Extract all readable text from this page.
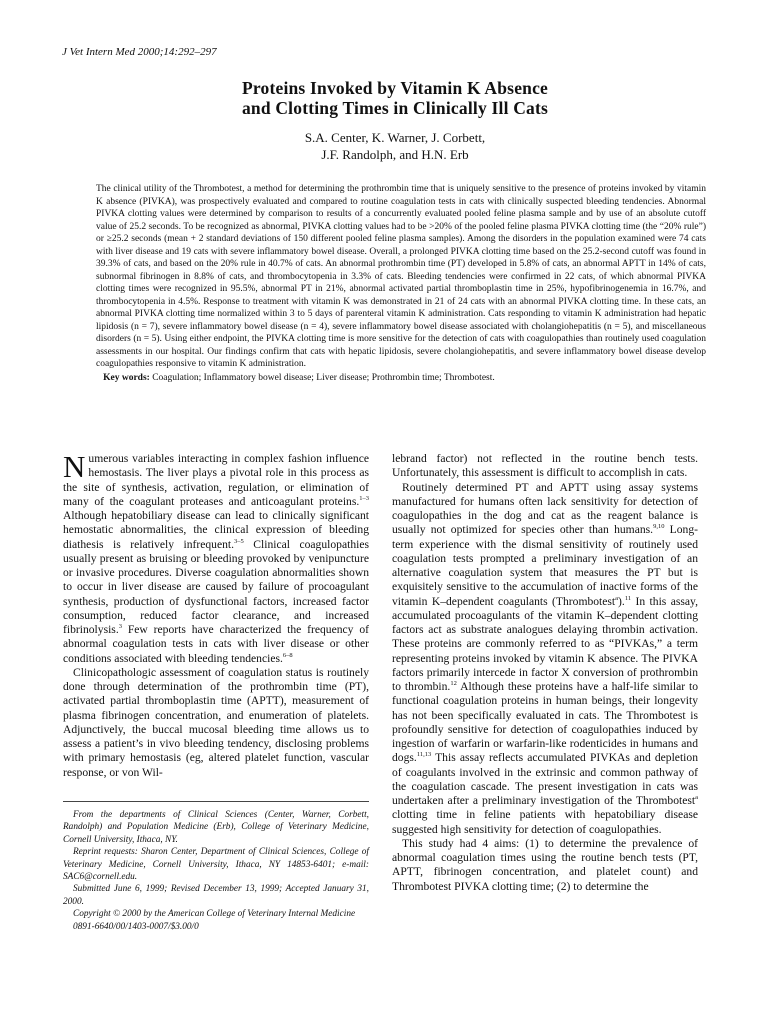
J Vet Intern Med 2000;14:292–297
Proteins Invoked by Vitamin K Absence
and Clotting Times in Clinically Ill Cats
S.A. Center, K. Warner, J. Corbett,
J.F. Randolph, and H.N. Erb

The clinical utility of the Thrombotest, a method for determining the prothrombin time that is uniquely sensitive to the presence of proteins invoked by vitamin K absence (PIVKA), was prospectively evaluated and compared to routine coagulation tests in cats with clinically suspected bleeding tendencies. Abnormal PIVKA clotting values were determined by comparison to results of a concurrently evaluated pooled feline plasma sample and by use of an absolute cutoff value of 25.2 seconds. To be recognized as abnormal, PIVKA clotting values had to be >20% of the pooled feline plasma PIVKA clotting time (the “20% rule”) or ≥25.2 seconds (mean + 2 standard deviations of 150 different pooled feline plasma samples). Among the disorders in the population examined were 74 cats with liver disease and 19 cats with severe inflammatory bowel disease. Overall, a prolonged PIVKA clotting time based on the 25.2-second cutoff was found in 39.3% of cats, and based on the 20% rule in 40.7% of cats. An abnormal prothrombin time (PT) developed in 5.8% of cats, an abnormal APTT in 14% of cats, subnormal fibrinogen in 8.8% of cats, and thrombocytopenia in 3.3% of cats. Bleeding tendencies were confirmed in 22 cats, of which abnormal PIVKA clotting times were recognized in 95.5%, abnormal PT in 21%, abnormal activated partial thromboplastin time in 25%, hypofibrinogenemia in 16.7%, and thrombocytopenia in 4.5%. Response to treatment with vitamin K was demonstrated in 21 of 24 cats with an abnormal PIVKA clotting time. In these cats, an abnormal PIVKA clotting time normalized within 3 to 5 days of parenteral vitamin K administration. Cats responding to vitamin K administration had hepatic lipidosis (n = 7), severe inflammatory bowel disease (n = 4), severe inflammatory bowel disease associated with cholangiohepatitis (n = 5), and miscellaneous disorders (n = 5). Using either endpoint, the PIVKA clotting time is more sensitive for the detection of cats with coagulopathies than routinely used coagulation assessments in our hospital. Our findings confirm that cats with hepatic lipidosis, severe cholangiohepatitis, and severe inflammatory bowel disease develop coagulopathies responsive to vitamin K administration.

Key words: Coagulation; Inflammatory bowel disease; Liver disease; Prothrombin time; Thrombotest.

Numerous variables interacting in complex fashion influence hemostasis. The liver plays a pivotal role in this process as the site of synthesis, activation, regulation, or elimination of many of the coagulant proteases and anticoagulant proteins.$^{1-3}$ Although hepatobiliary disease can lead to clinically significant hemostatic abnormalities, the clinical expression of bleeding diathesis is relatively infrequent.$^{3-5}$ Clinical coagulopathies usually present as bruising or bleeding provoked by venipuncture or invasive procedures. Diverse coagulation abnormalities shown to occur in liver disease are caused by failure of procoagulant synthesis, production of dysfunctional factors, increased factor consumption, reduced factor clearance, and increased fibrinolysis.$^3$ Few reports have characterized the frequency of abnormal coagulation tests in cats with liver disease or other conditions associated with bleeding tendencies.$^{6-8}$

Clinicopathologic assessment of coagulation status is routinely done through determination of the prothrombin time (PT), activated partial thromboplastin time (APTT), measurement of plasma fibrinogen concentration, and enumeration of platelets. Adjunctively, the buccal mucosal bleeding time allows us to assess a patient’s in vivo bleeding tendency, disclosing problems with primary hemostasis (eg, altered platelet function, vascular response, or von Wil-

From the departments of Clinical Sciences (Center, Warner, Corbett, Randolph) and Population Medicine (Erb), College of Veterinary Medicine, Cornell University, Ithaca, NY.

Reprint requests: Sharon Center, Department of Clinical Sciences, College of Veterinary Medicine, Cornell University, Ithaca, NY 14853-6401; e-mail: SAC6@cornell.edu.

Submitted June 6, 1999; Revised December 13, 1999; Accepted January 31, 2000.

Copyright © 2000 by the American College of Veterinary Internal Medicine

0891-6640/00/1403-0007/$3.00/0

lebrand factor) not reflected in the routine bench tests. Unfortunately, this assessment is difficult to accomplish in cats.

Routinely determined PT and APTT using assay systems manufactured for humans often lack sensitivity for detection of coagulopathies in the dog and cat as the reagent balance is usually not optimized for species other than humans.$^{9,10}$ Long-term experience with the dismal sensitivity of routinely used coagulation tests prompted a preliminary investigation of an alternative coagulation system that measures the PT but is exquisitely sensitive to the accumulation of inactive forms of the vitamin K–dependent coagulants (Thrombotest$^a$).$^{11}$ In this assay, accumulated procoagulants of the vitamin K–dependent clotting factors act as substrate analogues delaying thrombin activation. These proteins are commonly referred to as “PIVKAs,” a term representing proteins invoked by vitamin K absence. The PIVKA factors primarily intercede in factor X conversion of prothrombin to thrombin.$^{12}$ Although these proteins have a half-life similar to functional coagulation proteins in human beings, their longevity has not been specifically evaluated in cats. The Thrombotest is profoundly sensitive for detection of coagulopathies induced by ingestion of warfarin or warfarin-like rodenticides in humans and dogs.$^{11,13}$ This assay reflects accumulated PIVKAs and depletion of coagulants involved in the extrinsic and common pathway of the coagulation cascade. The present investigation in cats was undertaken after a preliminary investigation of the Thrombotest$^a$ clotting time in feline patients with hepatobiliary disease suggested high sensitivity for detection of coagulopathies.

This study had 4 aims: (1) to determine the prevalence of abnormal coagulation times using the routine bench tests (PT, APTT, fibrinogen concentration, and platelet count) and Thrombotest PIVKA clotting time; (2) to determine the
